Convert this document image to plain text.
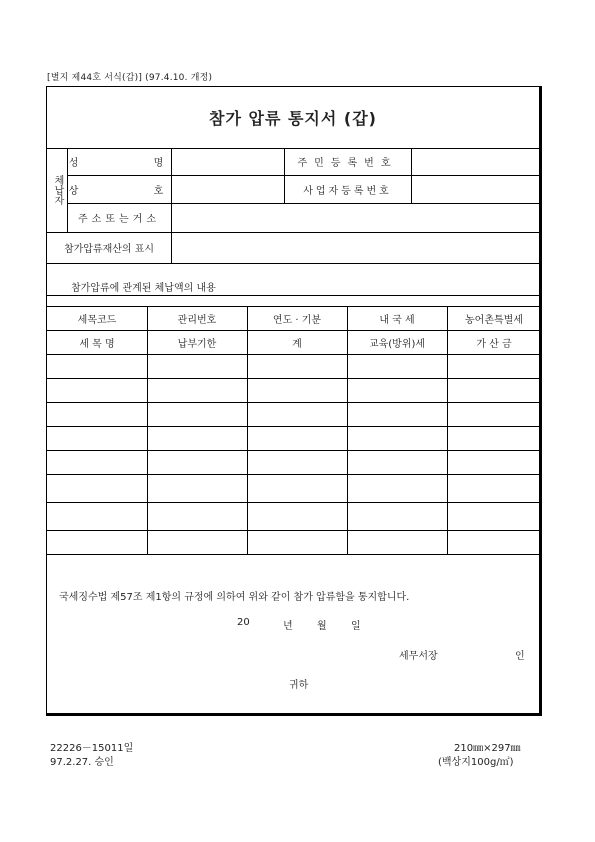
[별지 제44호 서식(갑)] (97.4.10. 개정)
참가 압류 통지서 (갑)
체납자
성 명	주민등록번호
상 호	사업자등록번호
주소또는거소
참가압류재산의 표시
참가압류에 관계된 체납액의 내용
세목코드	관리번호	연도 · 기분	내 국 세	농어촌특별세
세 목 명	납부기한	계	교육(방위)세	가 산 금
국세징수법 제57조 제1항의 규정에 의하여 위와 같이 참가 압류함을 통지합니다.
20	년 월 일
세무서장	인
귀하
22226－15011일
97.2.27. 승인
210㎜×297㎜
(백상지100g/㎡)
